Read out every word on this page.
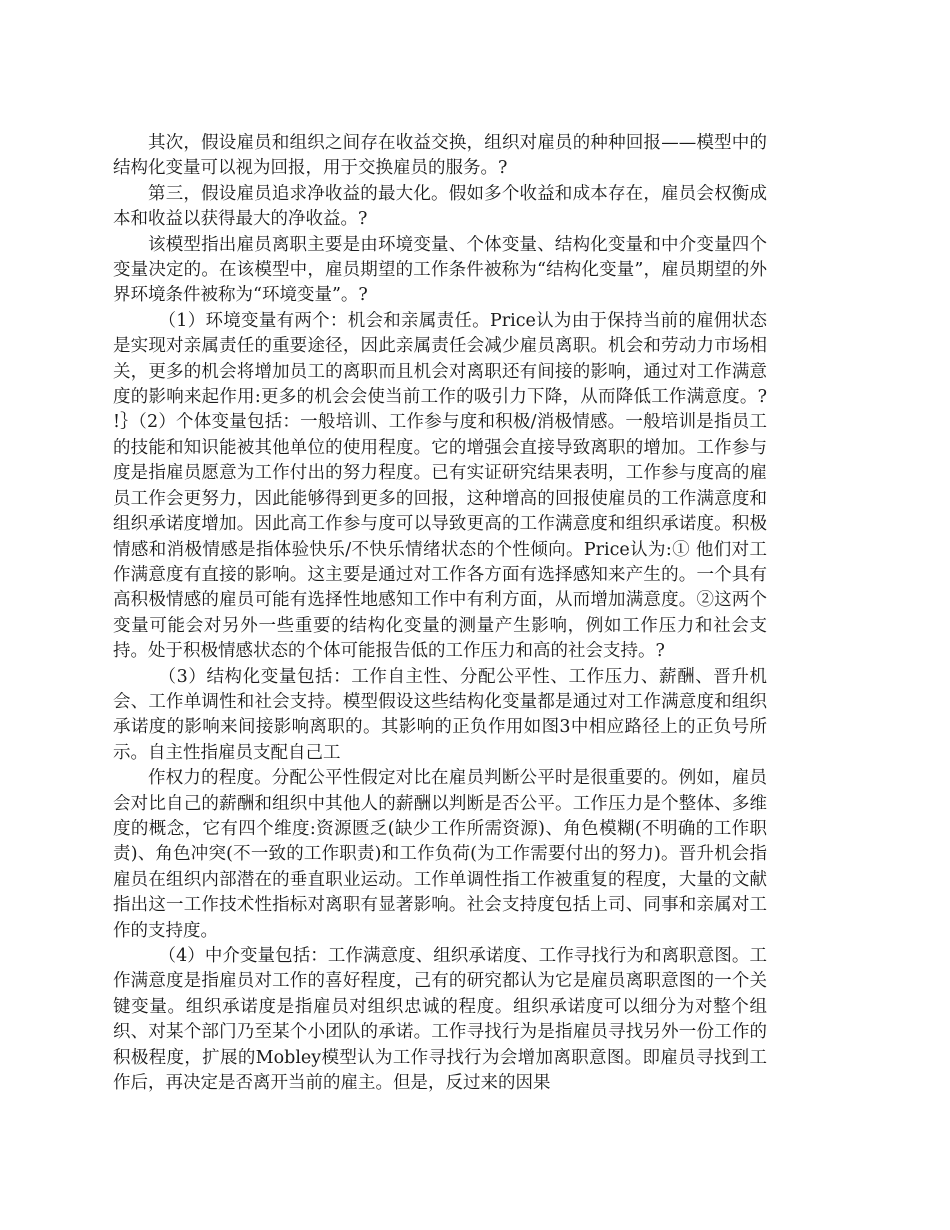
其次，假设雇员和组织之间存在收益交换，组织对雇员的种种回报——模型中的结构化变量可以视为回报，用于交换雇员的服务。?

第三，假设雇员追求净收益的最大化。假如多个收益和成本存在，雇员会权衡成本和收益以获得最大的净收益。?

该模型指出雇员离职主要是由环境变量、个体变量、结构化变量和中介变量四个变量决定的。在该模型中，雇员期望的工作条件被称为“结构化变量”，雇员期望的外界环境条件被称为“环境变量”。?

（1）环境变量有两个：机会和亲属责任。Price认为由于保持当前的雇佣状态是实现对亲属责任的重要途径，因此亲属责任会减少雇员离职。机会和劳动力市场相关，更多的机会将增加员工的离职而且机会对离职还有间接的影响，通过对工作满意度的影响来起作用:更多的机会会使当前工作的吸引力下降，从而降低工作满意度。? !｝（2）个体变量包括：一般培训、工作参与度和积极/消极情感。一般培训是指员工的技能和知识能被其他单位的使用程度。它的增强会直接导致离职的增加。工作参与度是指雇员愿意为工作付出的努力程度。已有实证研究结果表明，工作参与度高的雇员工作会更努力，因此能够得到更多的回报，这种增高的回报使雇员的工作满意度和组织承诺度增加。因此高工作参与度可以导致更高的工作满意度和组织承诺度。积极情感和消极情感是指体验快乐/不快乐情绪状态的个性倾向。Price认为:① 他们对工作满意度有直接的影响。这主要是通过对工作各方面有选择感知来产生的。一个具有高积极情感的雇员可能有选择性地感知工作中有利方面，从而增加满意度。②这两个变量可能会对另外一些重要的结构化变量的测量产生影响，例如工作压力和社会支持。处于积极情感状态的个体可能报告低的工作压力和高的社会支持。?

（3）结构化变量包括：工作自主性、分配公平性、工作压力、薪酬、晋升机会、工作单调性和社会支持。模型假设这些结构化变量都是通过对工作满意度和组织承诺度的影响来间接影响离职的。其影响的正负作用如图3中相应路径上的正负号所示。自主性指雇员支配自己工

作权力的程度。分配公平性假定对比在雇员判断公平时是很重要的。例如，雇员会对比自己的薪酬和组织中其他人的薪酬以判断是否公平。工作压力是个整体、多维度的概念，它有四个维度:资源匮乏(缺少工作所需资源)、角色模糊(不明确的工作职责)、角色冲突(不一致的工作职责)和工作负荷(为工作需要付出的努力)。晋升机会指雇员在组织内部潜在的垂直职业运动。工作单调性指工作被重复的程度，大量的文献指出这一工作技术性指标对离职有显著影响。社会支持度包括上司、同事和亲属对工作的支持度。

（4）中介变量包括：工作满意度、组织承诺度、工作寻找行为和离职意图。工作满意度是指雇员对工作的喜好程度，己有的研究都认为它是雇员离职意图的一个关键变量。组织承诺度是指雇员对组织忠诚的程度。组织承诺度可以细分为对整个组织、对某个部门乃至某个小团队的承诺。工作寻找行为是指雇员寻找另外一份工作的积极程度，扩展的Mobley模型认为工作寻找行为会增加离职意图。即雇员寻找到工作后，再决定是否离开当前的雇主。但是，反过来的因果
